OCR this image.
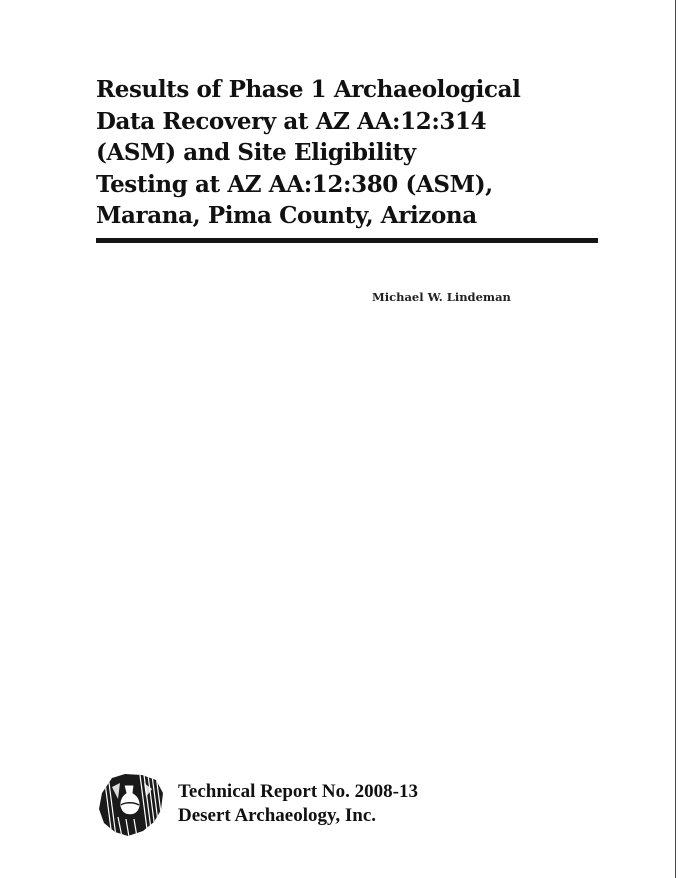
Results of Phase 1 Archaeological
Data Recovery at AZ AA:12:314
(ASM) and Site Eligibility
Testing at AZ AA:12:380 (ASM),
Marana, Pima County, Arizona
Michael W. Lindeman
Technical Report No. 2008-13
Desert Archaeology, Inc.
